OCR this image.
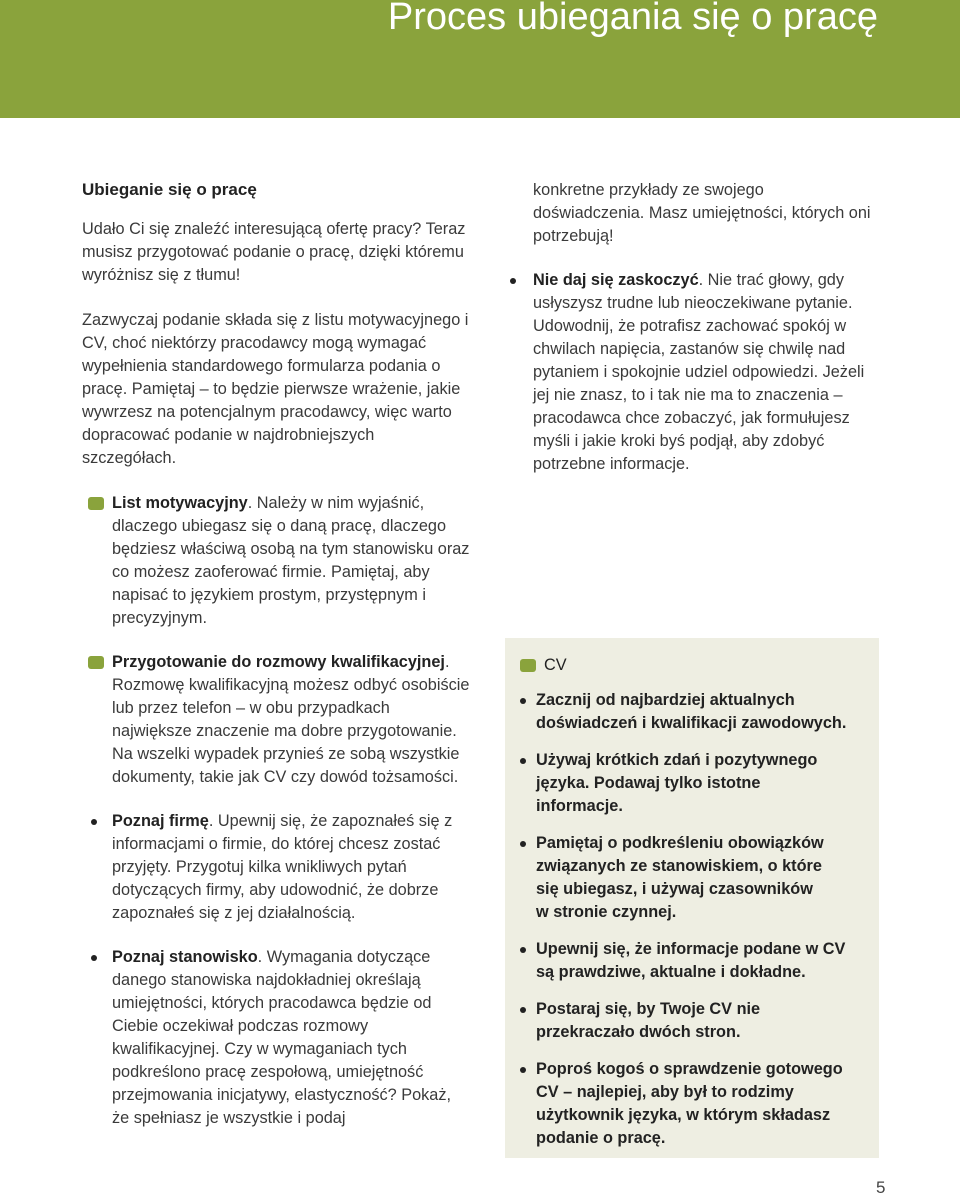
Proces ubiegania się o pracę
Ubieganie się o pracę

Udało Ci się znaleźć interesującą ofertę pracy? Teraz musisz przygotować podanie o pracę, dzięki któremu wyróżnisz się z tłumu!

Zazwyczaj podanie składa się z listu motywacyjnego i CV, choć niektórzy pracodawcy mogą wymagać wypełnienia standardowego formularza podania o pracę. Pamiętaj – to będzie pierwsze wrażenie, jakie wywrzesz na potencjalnym pracodawcy, więc warto dopracować podanie w najdrobniejszych szczegółach.

List motywacyjny. Należy w nim wyjaśnić, dlaczego ubiegasz się o daną pracę, dlaczego będziesz właściwą osobą na tym stanowisku oraz co możesz zaoferować firmie. Pamiętaj, aby napisać to językiem prostym, przystępnym i precyzyjnym.
Przygotowanie do rozmowy kwalifikacyjnej. Rozmowę kwalifikacyjną możesz odbyć osobiście lub przez telefon – w obu przypadkach największe znaczenie ma dobre przygotowanie. Na wszelki wypadek przynieś ze sobą wszystkie dokumenty, takie jak CV czy dowód tożsamości.
Poznaj firmę. Upewnij się, że zapoznałeś się z informacjami o firmie, do której chcesz zostać przyjęty. Przygotuj kilka wnikliwych pytań dotyczących firmy, aby udowodnić, że dobrze zapoznałeś się z jej działalnością.
Poznaj stanowisko. Wymagania dotyczące danego stanowiska najdokładniej określają umiejętności, których pracodawca będzie od Ciebie oczekiwał podczas rozmowy kwalifikacyjnej. Czy w wymaganiach tych podkreślono pracę zespołową, umiejętność przejmowania inicjatywy, elastyczność? Pokaż, że spełniasz je wszystkie i podaj

konkretne przykłady ze swojego doświadczenia. Masz umiejętności, których oni potrzebują!

Nie daj się zaskoczyć. Nie trać głowy, gdy usłyszysz trudne lub nieoczekiwane pytanie. Udowodnij, że potrafisz zachować spokój w chwilach napięcia, zastanów się chwilę nad pytaniem i spokojnie udziel odpowiedzi. Jeżeli jej nie znasz, to i tak nie ma to znaczenia – pracodawca chce zobaczyć, jak formułujesz myśli i jakie kroki byś podjął, aby zdobyć potrzebne informacje.
CV
Zacznij od najbardziej aktualnych
doświadczeń i kwalifikacji zawodowych.
Używaj krótkich zdań i pozytywnego
języka. Podawaj tylko istotne
informacje.
Pamiętaj o podkreśleniu obowiązków
związanych ze stanowiskiem, o które
się ubiegasz, i używaj czasowników
w stronie czynnej.
Upewnij się, że informacje podane w CV
są prawdziwe, aktualne i dokładne.
Postaraj się, by Twoje CV nie
przekraczało dwóch stron.
Poproś kogoś o sprawdzenie gotowego
CV – najlepiej, aby był to rodzimy
użytkownik języka, w którym składasz
podanie o pracę.
5
